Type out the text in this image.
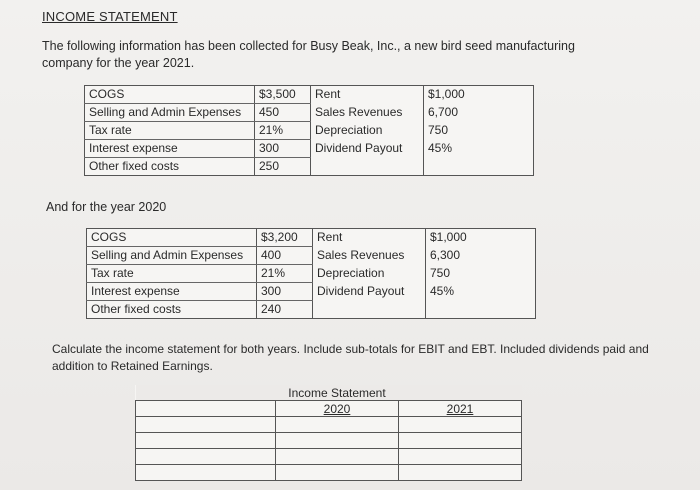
INCOME STATEMENT
The following information has been collected for Busy Beak, Inc., a new bird seed manufacturing company for the year 2021.
COGS	$3,500	Rent	$1,000
Selling and Admin Expenses	450	Sales Revenues	6,700
Tax rate	21%	Depreciation	750
Interest expense	300	Dividend Payout	45%
Other fixed costs	250		
And for the year 2020
COGS	$3,200	Rent	$1,000
Selling and Admin Expenses	400	Sales Revenues	6,300
Tax rate	21%	Depreciation	750
Interest expense	300	Dividend Payout	45%
Other fixed costs	240		
Calculate the income statement for both years. Include sub-totals for EBIT and EBT. Included dividends paid and addition to Retained Earnings.
	Income Statement	
	2020	2021
